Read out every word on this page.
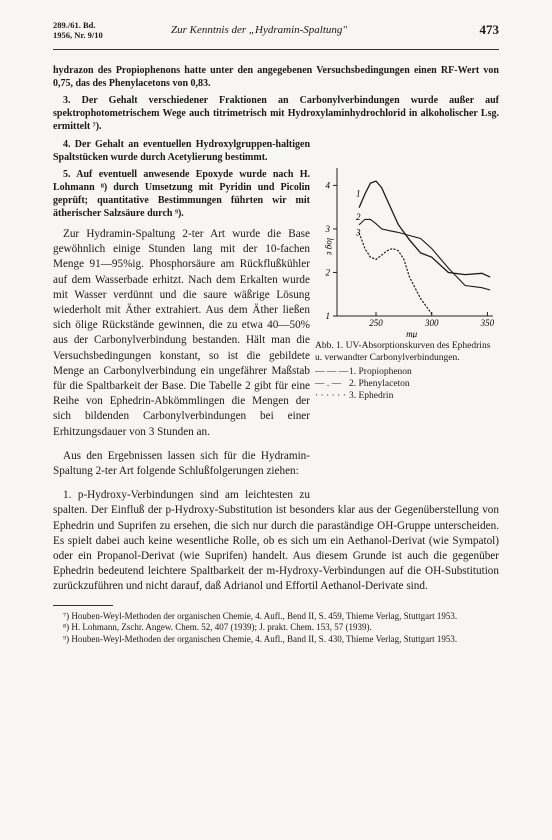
289./61. Bd.
1956, Nr. 9/10	Zur Kenntnis der „Hydramin-Spaltung"	473

hydrazon des Propiophenons hatte unter den angegebenen Versuchsbedingungen einen RF-Wert von 0,75, das des Phenylacetons von 0,83.

3. Der Gehalt verschiedener Fraktionen an Carbonylverbindungen wurde außer auf spektrophotometrischem Wege auch titrimetrisch mit Hydroxylaminhydrochlorid in alkoholischer Lsg. ermittelt ⁷).

4. Der Gehalt an eventuellen Hydroxylgruppen-haltigen Spaltstücken wurde durch Acetylierung bestimmt.

5. Auf eventuell anwesende Epoxyde wurde nach H. Lohmann ⁸) durch Umsetzung mit Pyridin und Picolin geprüft; quantitative Bestimmungen führten wir mit ätherischer Salzsäure durch ⁹).

1
2
3
4
250	300	350
log ε
mμ
1
2
3
Abb. 1. UV-Absorptionskurven des Ephedrins u. verwandter Carbonylverbindungen.
— — —1. Propiophenon
— . — 2. Phenylaceton
· · · · · · 3. Ephedrin

Zur Hydramin-Spaltung 2-ter Art wurde die Base gewöhnlich einige Stunden lang mit der 10-fachen Menge 91—95%ig. Phosphorsäure am Rückflußkühler auf dem Wasserbade erhitzt. Nach dem Erkalten wurde mit Wasser verdünnt und die saure wäßrige Lösung wiederholt mit Äther extrahiert. Aus dem Äther ließen sich ölige Rückstände gewinnen, die zu etwa 40—50% aus der Carbonylverbindung bestanden. Hält man die Versuchsbedingungen konstant, so ist die gebildete Menge an Carbonylverbindung ein ungefährer Maßstab für die Spaltbarkeit der Base. Die Tabelle 2 gibt für eine Reihe von Ephedrin-Abkömmlingen die Mengen der sich bildenden Carbonylverbindungen bei einer Erhitzungsdauer von 3 Stunden an.

Aus den Ergebnissen lassen sich für die Hydramin-Spaltung 2-ter Art folgende Schlußfolgerungen ziehen:

1. p-Hydroxy-Verbindungen sind am leichtesten zu spalten. Der Einfluß der p-Hydroxy-Substitution ist besonders klar aus der Gegenüberstellung von Ephedrin und Suprifen zu ersehen, die sich nur durch die paraständige OH-Gruppe unterscheiden. Es spielt dabei auch keine wesentliche Rolle, ob es sich um ein Aethanol-Derivat (wie Sympatol) oder ein Propanol-Derivat (wie Suprifen) handelt. Aus diesem Grunde ist auch die gegenüber Ephedrin bedeutend leichtere Spaltbarkeit der m-Hydroxy-Verbindungen auf die OH-Substitution zurückzuführen und nicht darauf, daß Adrianol und Effortil Aethanol-Derivate sind.

⁷) Houben-Weyl-Methoden der organischen Chemie, 4. Aufl., Bend II, S. 459, Thieme Verlag, Stuttgart 1953.

⁸) H. Lohmann, Zschr. Angew. Chem. 52, 407 (1939); J. prakt. Chem. 153, 57 (1939).

⁹) Houben-Weyl-Methoden der organischen Chemie, 4. Aufl., Band II, S. 430, Thieme Verlag, Stuttgart 1953.
